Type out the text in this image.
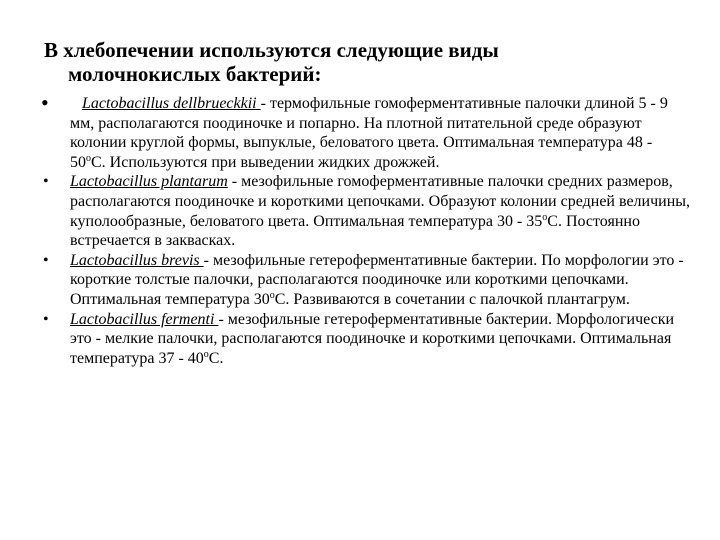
В хлебопечении используются следующие виды
молочнокислых бактерий:
• Lactobacillus dellbrueckkii - термофильные гомоферментативные палочки длиной 5 - 9 мм, располагаются поодиночке и попарно. На плотной питательной среде образуют колонии круглой формы, выпуклые, беловатого цвета. Оптимальная температура $48 - 50^оС$. Используются при выведении жидких дрожжей.
• Lactobacillus plantarum - мезофильные гомоферментативные палочки средних размеров, располагаются поодиночке и короткими цепочками. Образуют колонии средней величины, куполообразные, беловатого цвета. Оптимальная температура $30 - 35^оС$. Постоянно встречается в заквасках.
• Lactobacillus brevis - мезофильные гетероферментативные бактерии. По морфологии это - короткие толстые палочки, располагаются поодиночке или короткими цепочками. Оптимальная температура $30^оС$. Развиваются в сочетании с палочкой плантагрум.
• Lactobacillus fermenti - мезофильные гетероферментативные бактерии. Морфологически это - мелкие палочки, располагаются поодиночке и короткими цепочками. Оптимальная температура $37 - 40^оС$.
